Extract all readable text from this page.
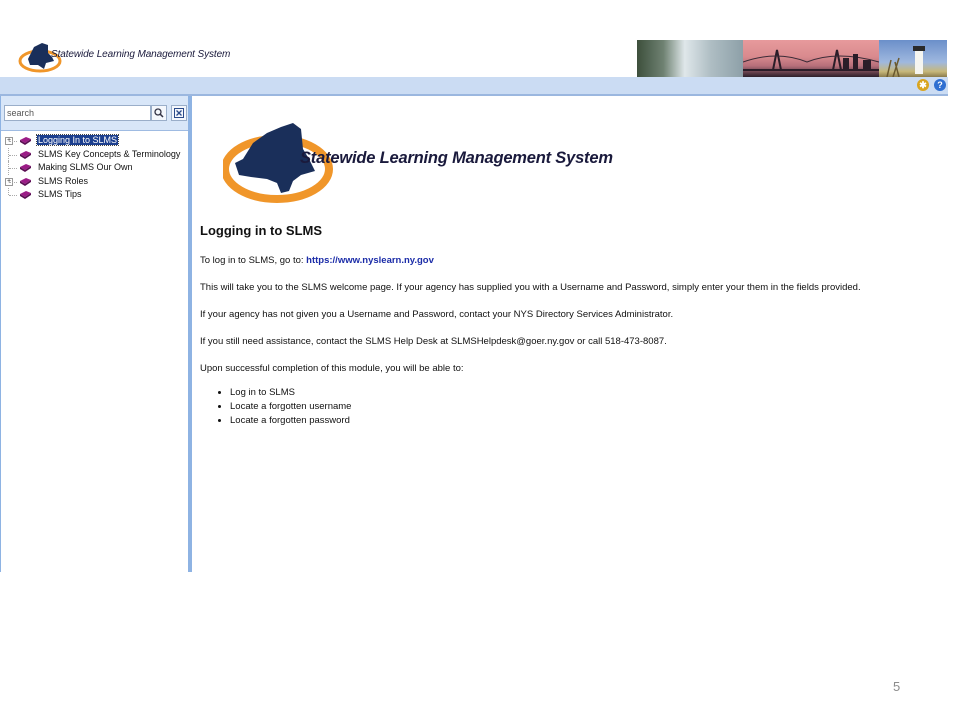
Statewide Learning Management System
✱	?
search
+	Logging In to SLMS
SLMS Key Concepts & Terminology
Making SLMS Our Own
+	SLMS Roles
SLMS Tips
Statewide Learning Management System
Logging in to SLMS
To log in to SLMS, go to: https://www.nyslearn.ny.gov
This will take you to the SLMS welcome page. If your agency has supplied you with a Username and Password, simply enter your them in the fields provided.
If your agency has not given you a Username and Password, contact your NYS Directory Services Administrator.
If you still need assistance, contact the SLMS Help Desk at SLMSHelpdesk@goer.ny.gov or call 518-473-8087.
Upon successful completion of this module, you will be able to:
• Log in to SLMS
• Locate a forgotten username
• Locate a forgotten password
5
